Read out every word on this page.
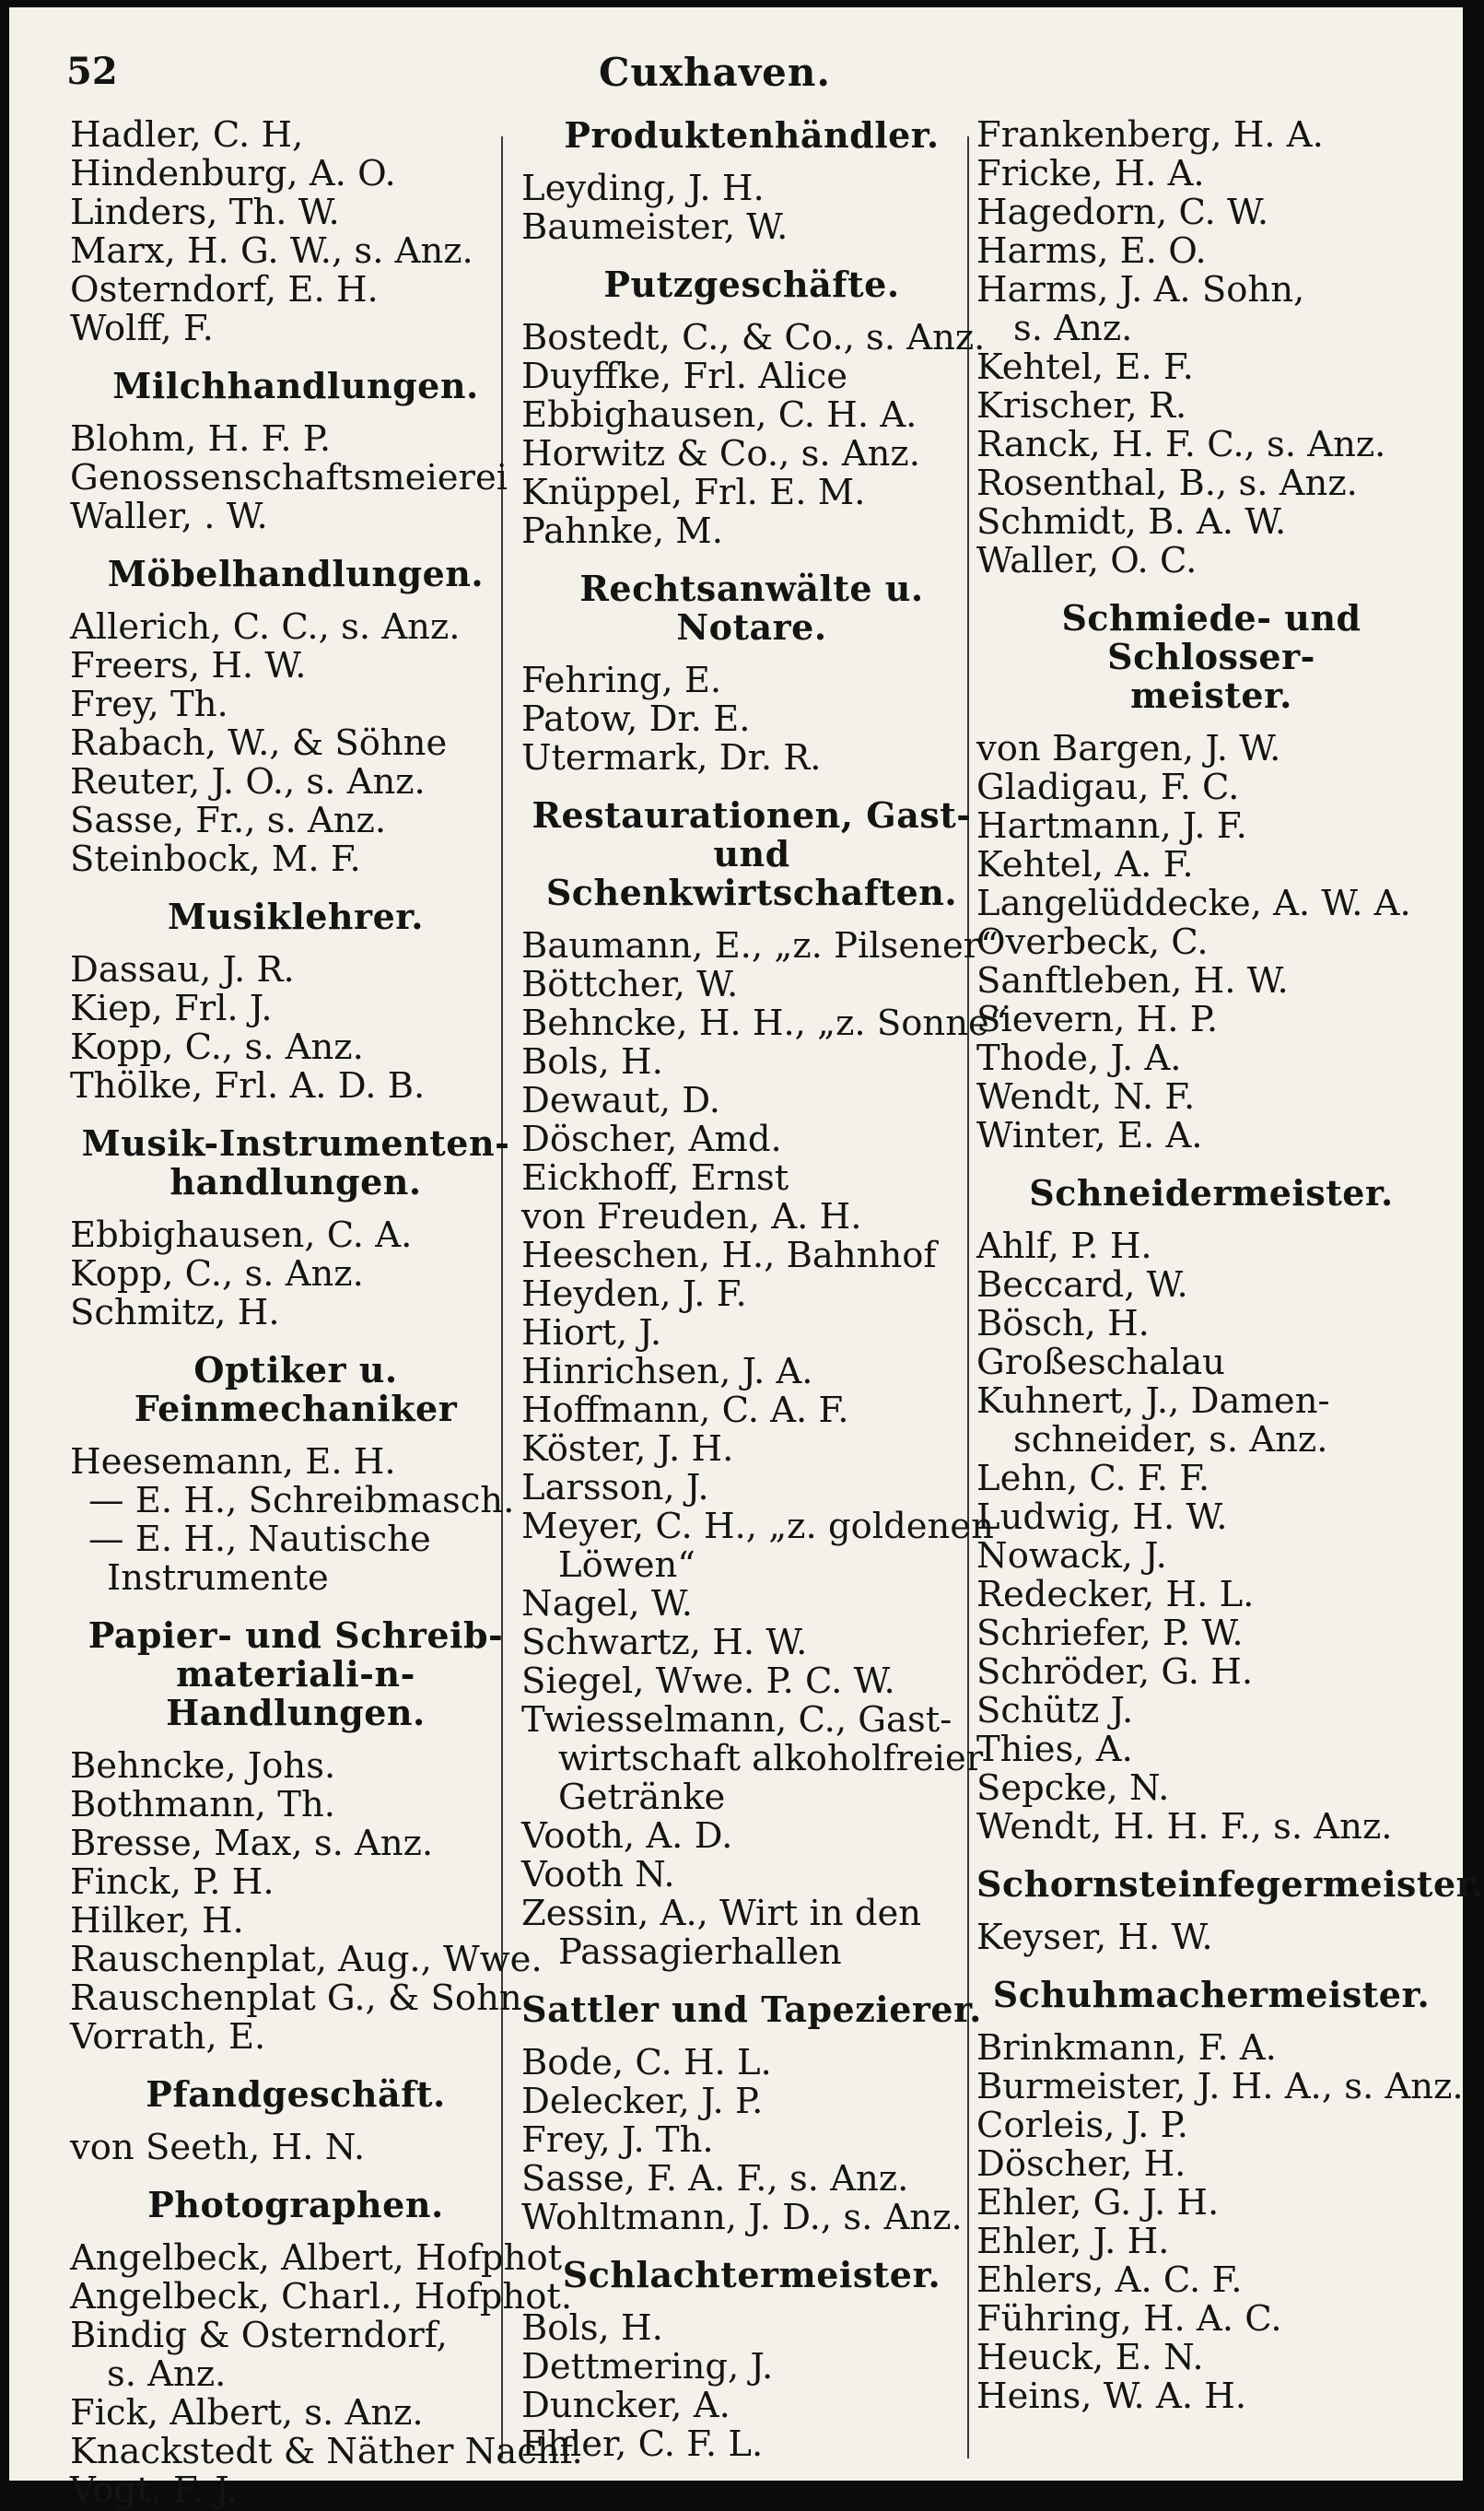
52	Cuxhaven.
Hadler, C. H,
Hindenburg, A. O.
Linders, Th. W.
Marx, H. G. W., s. Anz.
Osterndorf, E. H.
Wolff, F.
Milchhandlungen.
Blohm, H. F. P.
Genossenschaftsmeierei
Waller, . W.
Möbelhandlungen.
Allerich, C. C., s. Anz.
Freers, H. W.
Frey, Th.
Rabach, W., & Söhne
Reuter, J. O., s. Anz.
Sasse, Fr., s. Anz.
Steinbock, M. F.
Musiklehrer.
Dassau, J. R.
Kiep, Frl. J.
Kopp, C., s. Anz.
Thölke, Frl. A. D. B.
Musik-Instrumenten-
handlungen.
Ebbighausen, C. A.
Kopp, C., s. Anz.
Schmitz, H.
Optiker u. Feinmechaniker
Heesemann, E. H.
— E. H., Schreibmasch.
— E. H., Nautische
Instrumente
Papier- und Schreib-
materiali-n-Handlungen.
Behncke, Johs.
Bothmann, Th.
Bresse, Max, s. Anz.
Finck, P. H.
Hilker, H.
Rauschenplat, Aug., Wwe.
Rauschenplat G., & Sohn
Vorrath, E.
Pfandgeschäft.
von Seeth, H. N.
Photographen.
Angelbeck, Albert, Hofphot.
Angelbeck, Charl., Hofphot.
Bindig & Osterndorf,
s. Anz.
Fick, Albert, s. Anz.
Knackstedt & Näther Nachf.
Vogt, F. J.
Produktenhändler.
Leyding, J. H.
Baumeister, W.
Putzgeschäfte.
Bostedt, C., & Co., s. Anz.
Duyffke, Frl. Alice
Ebbighausen, C. H. A.
Horwitz & Co., s. Anz.
Knüppel, Frl. E. M.
Pahnke, M.
Rechtsanwälte u. Notare.
Fehring, E.
Patow, Dr. E.
Utermark, Dr. R.
Restaurationen, Gast-
und Schenkwirtschaften.
Baumann, E., „z. Pilsener“
Böttcher, W.
Behncke, H. H., „z. Sonne“
Bols, H.
Dewaut, D.
Döscher, Amd.
Eickhoff, Ernst
von Freuden, A. H.
Heeschen, H., Bahnhof
Heyden, J. F.
Hiort, J.
Hinrichsen, J. A.
Hoffmann, C. A. F.
Köster, J. H.
Larsson, J.
Meyer, C. H., „z. goldenen
Löwen“
Nagel, W.
Schwartz, H. W.
Siegel, Wwe. P. C. W.
Twiesselmann, C., Gast-
wirtschaft alkoholfreier
Getränke
Vooth, A. D.
Vooth N.
Zessin, A., Wirt in den
Passagierhallen
Sattler und Tapezierer.
Bode, C. H. L.
Delecker, J. P.
Frey, J. Th.
Sasse, F. A. F., s. Anz.
Wohltmann, J. D., s. Anz.
Schlachtermeister.
Bols, H.
Dettmering, J.
Duncker, A.
Ehler, C. F. L.
Frankenberg, H. A.
Fricke, H. A.
Hagedorn, C. W.
Harms, E. O.
Harms, J. A. Sohn,
s. Anz.
Kehtel, E. F.
Krischer, R.
Ranck, H. F. C., s. Anz.
Rosenthal, B., s. Anz.
Schmidt, B. A. W.
Waller, O. C.
Schmiede- und Schlosser-
meister.
von Bargen, J. W.
Gladigau, F. C.
Hartmann, J. F.
Kehtel, A. F.
Langelüddecke, A. W. A.
Overbeck, C.
Sanftleben, H. W.
Sievern, H. P.
Thode, J. A.
Wendt, N. F.
Winter, E. A.
Schneidermeister.
Ahlf, P. H.
Beccard, W.
Bösch, H.
Großeschalau
Kuhnert, J., Damen-
schneider, s. Anz.
Lehn, C. F. F.
Ludwig, H. W.
Nowack, J.
Redecker, H. L.
Schriefer, P. W.
Schröder, G. H.
Schütz J.
Thies, A.
Sepcke, N.
Wendt, H. H. F., s. Anz.
Schornsteinfegermeister.
Keyser, H. W.
Schuhmachermeister.
Brinkmann, F. A.
Burmeister, J. H. A., s. Anz.
Corleis, J. P.
Döscher, H.
Ehler, G. J. H.
Ehler, J. H.
Ehlers, A. C. F.
Führing, H. A. C.
Heuck, E. N.
Heins, W. A. H.
